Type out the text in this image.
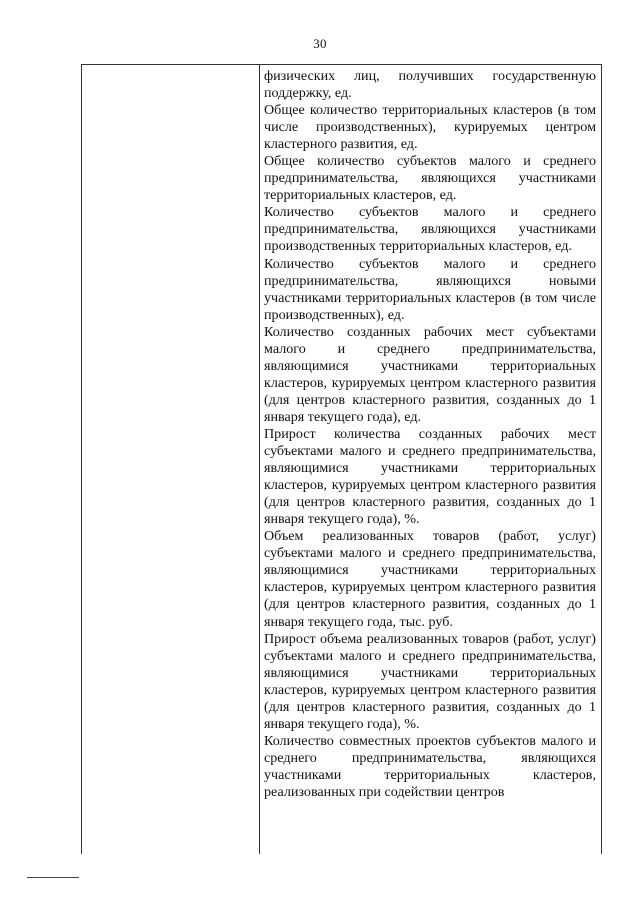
30

физических лиц, получивших государственную поддержку, ед.

Общее количество территориальных кластеров (в том числе производственных), курируемых центром кластерного развития, ед.

Общее количество субъектов малого и среднего предпринимательства, являющихся участниками территориальных кластеров, ед.

Количество субъектов малого и среднего предпринимательства, являющихся участниками производственных территориальных кластеров, ед.

Количество субъектов малого и среднего предпринимательства, являющихся новыми участниками территориальных кластеров (в том числе производственных), ед.

Количество созданных рабочих мест субъектами малого и среднего предпринимательства, являющимися участниками территориальных кластеров, курируемых центром кластерного развития (для центров кластерного развития, созданных до 1 января текущего года), ед.

Прирост количества созданных рабочих мест субъектами малого и среднего предпринимательства, являющимися участниками территориальных кластеров, курируемых центром кластерного развития (для центров кластерного развития, созданных до 1 января текущего года), %.

Объем реализованных товаров (работ, услуг) субъектами малого и среднего предпринимательства, являющимися участниками территориальных кластеров, курируемых центром кластерного развития (для центров кластерного развития, созданных до 1 января текущего года, тыс. руб.

Прирост объема реализованных товаров (работ, услуг) субъектами малого и среднего предпринимательства, являющимися участниками территориальных кластеров, курируемых центром кластерного развития (для центров кластерного развития, созданных до 1 января текущего года), %.

Количество совместных проектов субъектов малого и среднего предпринимательства, являющихся участниками территориальных кластеров, реализованных при содействии центров
